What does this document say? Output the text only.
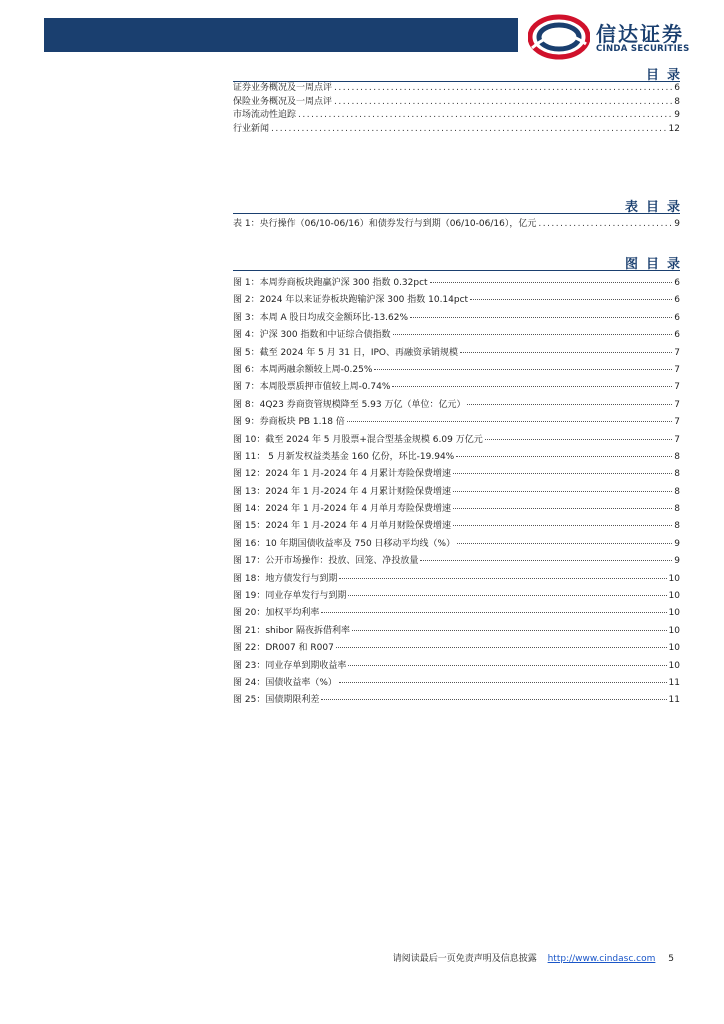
信达证券
CINDA SECURITIES
目录
证券业务概况及一周点评 .....	6
保险业务概况及一周点评 .....	8
市场流动性追踪 .....	9
行业新闻 .....	12
表目录
表 1：央行操作（06/10-06/16）和债券发行与到期（06/10-06/16），亿元 .....	9
图目录
图 1：本周券商板块跑赢沪深 300 指数 0.32pct	6
图 2：2024 年以来证券板块跑输沪深 300 指数 10.14pct	6
图 3：本周 A 股日均成交金额环比-13.62%	6
图 4：沪深 300 指数和中证综合债指数	6
图 5：截至 2024 年 5 月 31 日，IPO、再融资承销规模	7
图 6：本周两融余额较上周-0.25%	7
图 7：本周股票质押市值较上周-0.74%	7
图 8：4Q23 券商资管规模降至 5.93 万亿（单位：亿元）	7
图 9：券商板块 PB 1.18 倍	7
图 10：截至 2024 年 5 月股票+混合型基金规模 6.09 万亿元	7
图 11： 5 月新发权益类基金 160 亿份，环比-19.94%	8
图 12：2024 年 1 月-2024 年 4 月累计寿险保费增速	8
图 13：2024 年 1 月-2024 年 4 月累计财险保费增速	8
图 14：2024 年 1 月-2024 年 4 月单月寿险保费增速	8
图 15：2024 年 1 月-2024 年 4 月单月财险保费增速	8
图 16：10 年期国债收益率及 750 日移动平均线（%）	9
图 17：公开市场操作：投放、回笼、净投放量	9
图 18：地方债发行与到期	10
图 19：同业存单发行与到期	10
图 20：加权平均利率	10
图 21：shibor 隔夜拆借利率	10
图 22：DR007 和 R007	10
图 23：同业存单到期收益率	10
图 24：国债收益率（%）	11
图 25：国债期限利差	11
请阅读最后一页免责声明及信息披露 http://www.cindasc.com 5
